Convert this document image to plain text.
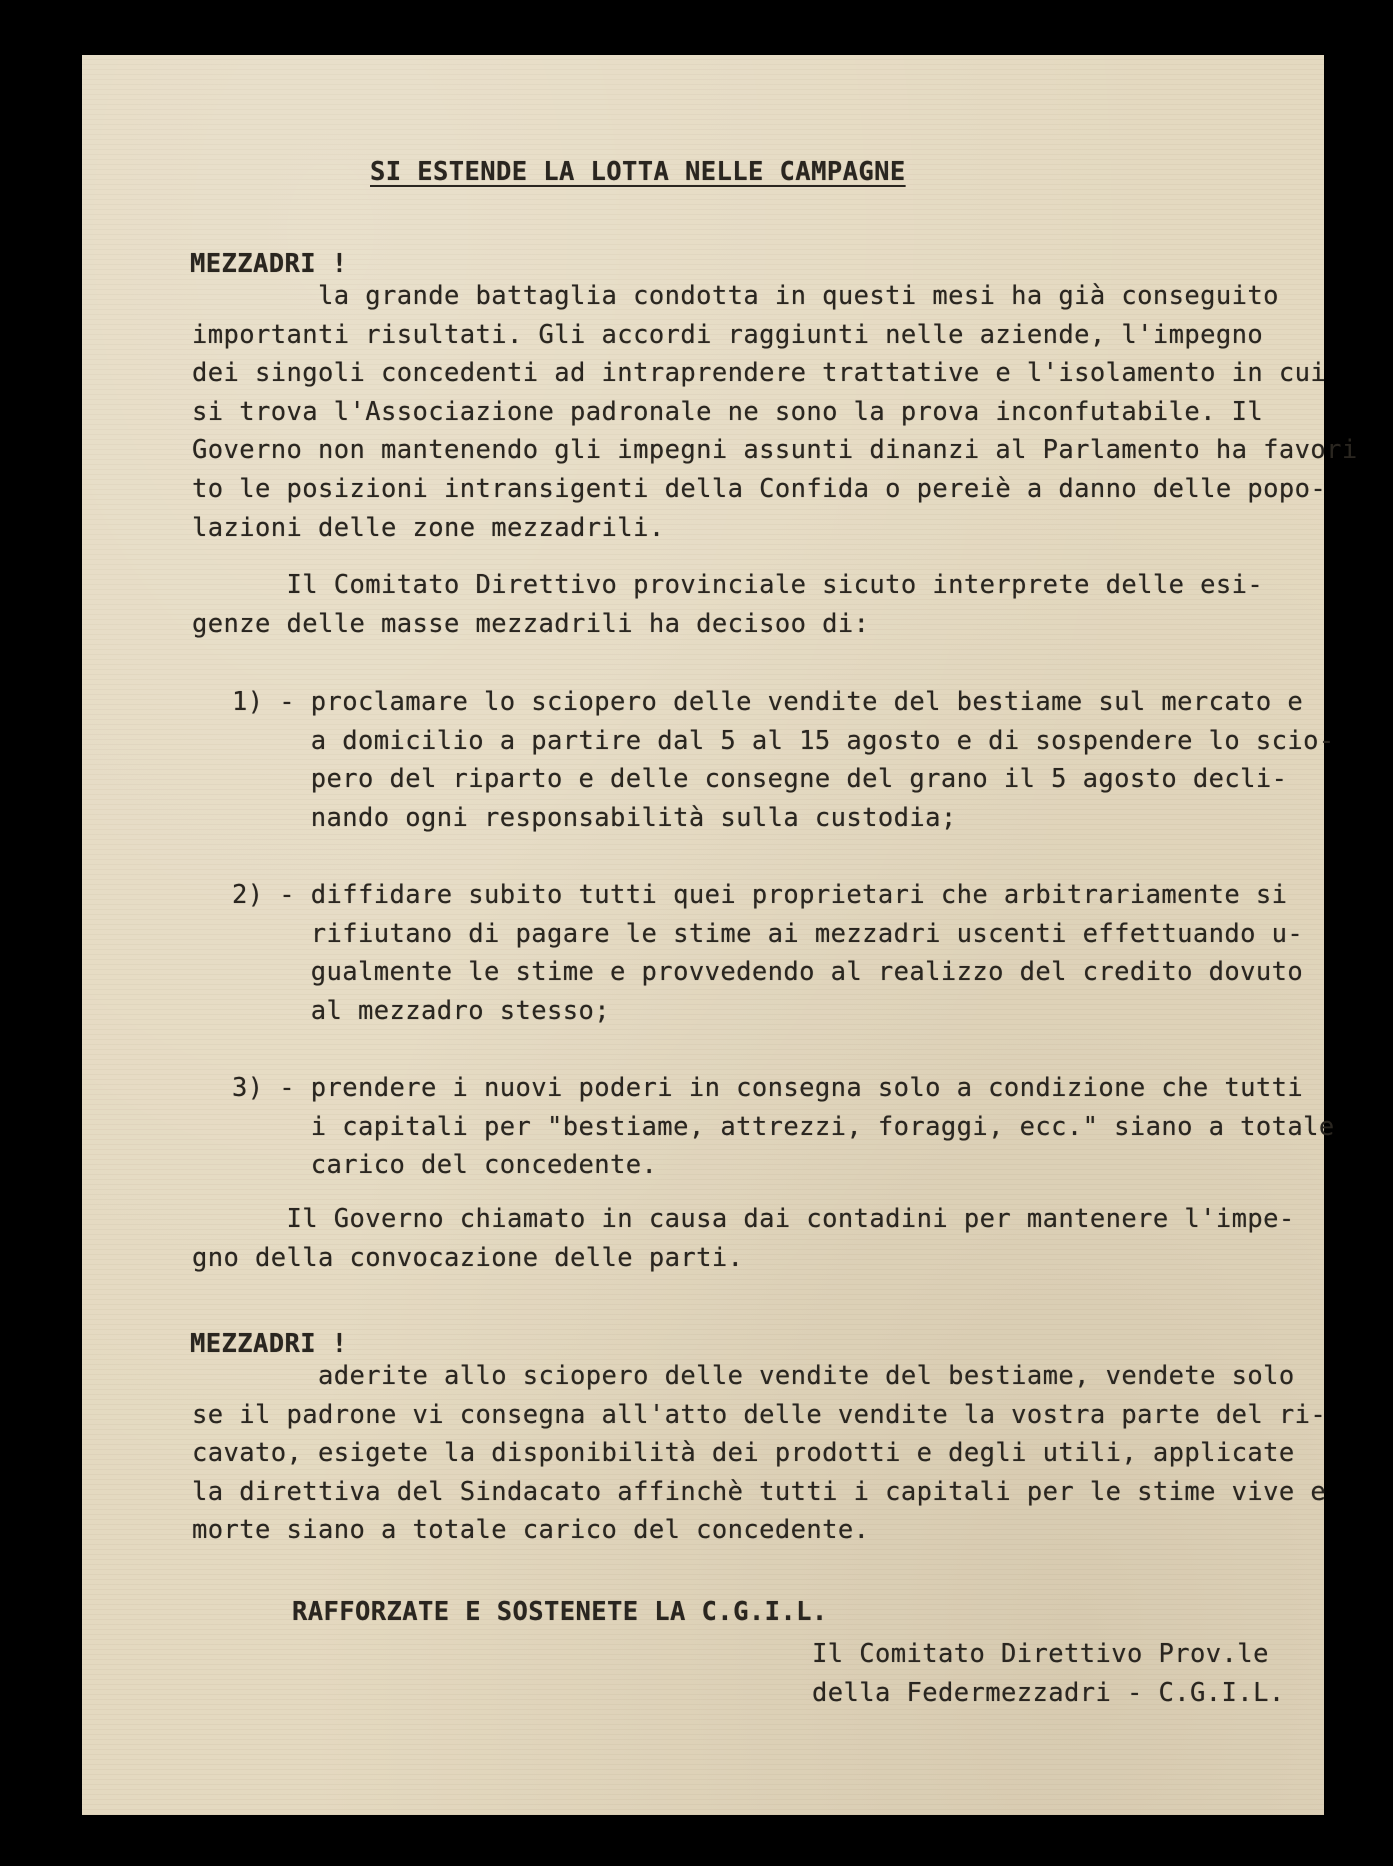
SI ESTENDE LA LOTTA NELLE CAMPAGNE
MEZZADRI !
la grande battaglia condotta in questi mesi ha già conseguito
importanti risultati. Gli accordi raggiunti nelle aziende, l'impegno
dei singoli concedenti ad intraprendere trattative e l'isolamento in cui
si trova l'Associazione padronale ne sono la prova inconfutabile. Il
Governo non mantenendo gli impegni assunti dinanzi al Parlamento ha favori
to le posizioni intransigenti della Confida o pereiè a danno delle popo-
lazioni delle zone mezzadrili.
Il Comitato Direttivo provinciale sicuto interprete delle esi-
genze delle masse mezzadrili ha decisoo di:
1) - proclamare lo sciopero delle vendite del bestiame sul mercato e
a domicilio a partire dal 5 al 15 agosto e di sospendere lo scio-
pero del riparto e delle consegne del grano il 5 agosto decli-
nando ogni responsabilità sulla custodia;

2) - diffidare subito tutti quei proprietari che arbitrariamente si
rifiutano di pagare le stime ai mezzadri uscenti effettuando u-
gualmente le stime e provvedendo al realizzo del credito dovuto
al mezzadro stesso;

3) - prendere i nuovi poderi in consegna solo a condizione che tutti
i capitali per "bestiame, attrezzi, foraggi, ecc." siano a totale
carico del concedente.
Il Governo chiamato in causa dai contadini per mantenere l'impe-
gno della convocazione delle parti.
MEZZADRI !
aderite allo sciopero delle vendite del bestiame, vendete solo
se il padrone vi consegna all'atto delle vendite la vostra parte del ri-
cavato, esigete la disponibilità dei prodotti e degli utili, applicate
la direttiva del Sindacato affinchè tutti i capitali per le stime vive e
morte siano a totale carico del concedente.
RAFFORZATE E SOSTENETE LA C.G.I.L.
Il Comitato Direttivo Prov.le
della Federmezzadri - C.G.I.L.
